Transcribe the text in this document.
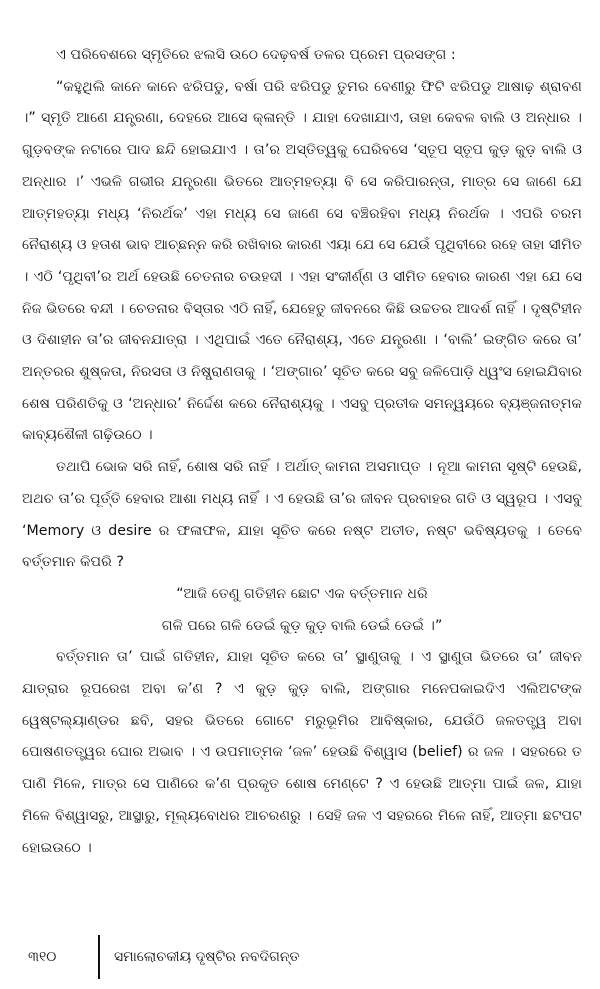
ଏ ପରିବେଶରେ ସ୍ମୃତିରେ ଝଲସି ଉଠେ ଦେଢ଼ବର୍ଷ ତଳର ପ୍ରେମ ପ୍ରସଙ୍ଗ :

“କହୁଥିଲି କାନେ କାନେ ଝରିପଡୁ, ବର୍ଷା ପରି ଝରିପଡୁ ତୁମର ବେଣୀରୁ ଫିଟି ଝରିପଡୁ ଆଷାଢ଼ ଶ୍ରାବଣ ।” ସ୍ମୃତି ଆଣେ ଯନ୍ତ୍ରଣା, ଦେହରେ ଆସେ କ୍ଳାନ୍ତି । ଯାହା ଦେଖାଯାଏ, ତାହା କେବଳ ବାଲି ଓ ଅନ୍ଧାର । ଗୁଡ଼ବଙ୍କ ନଟାରେ ପାଦ ଛନ୍ଦି ହୋଇଯାଏ । ତା’ର ଅସ୍ତିତ୍ୱକୁ ଘେରିବସେ ‘ସ୍ତୂପ ସ୍ତୂପ କୁଡ଼ କୁଡ଼ ବାଲି ଓ ଅନ୍ଧାର ।’ ଏଭଳି ଗଭୀର ଯନ୍ତ୍ରଣା ଭିତରେ ଆତ୍ମହତ୍ୟା ବି ସେ କରିପାରନ୍ତା, ମାତ୍ର ସେ ଜାଣେ ଯେ ଆତ୍ମହତ୍ୟା ମଧ୍ୟ ‘ନିରର୍ଥକ’ ଏହା ମଧ୍ୟ ସେ ଜାଣେ ସେ ବଞ୍ଚିରହିବା ମଧ୍ୟ ନିରର୍ଥକ । ଏପରି ଚରମ ନୈରାଶ୍ୟ ଓ ହତାଶ ଭାବ ଆଚ୍ଛନ୍ନ କରି ରଖିବାର କାରଣ ଏୟା ଯେ ସେ ଯେଉଁ ପୃଥିବୀରେ ରହେ ତାହା ସୀମିତ । ଏଠି ‘ପୃଥିବୀ’ର ଅର୍ଥ ହେଉଛି ଚେତନାର ଚଉହଦୀ । ଏହା ସଂକୀର୍ଣ୍ଣ ଓ ସୀମିତ ହେବାର କାରଣ ଏହା ଯେ ସେ ନିଜ ଭିତରେ ବନ୍ଦୀ । ଚେତନାର ବିସ୍ତାର ଏଠି ନାହିଁ, ଯେହେତୁ ଜୀବନରେ କିଛି ଉଚ୍ଚତର ଆଦର୍ଶ ନାହିଁ । ଦୃଷ୍ଟିହୀନ ଓ ଦିଶାହୀନ ତା’ର ଜୀବନଯାତ୍ରା । ଏଥିପାଇଁ ଏତେ ନୈରାଶ୍ୟ, ଏତେ ଯନ୍ତ୍ରଣା । ‘ବାଲି’ ଇଙ୍ଗିତ କରେ ତା’ ଅନ୍ତରର ଶୁଷ୍କତା, ନିରସତା ଓ ନିଷ୍ପ୍ରାଣତାକୁ । ‘ଅଙ୍ଗାର’ ସୂଚିତ କରେ ସବୁ ଜଳିପୋଡ଼ି ଧ୍ୱଂସ ହୋଇଯିବାର ଶେଷ ପରିଣତିକୁ ଓ ‘ଅନ୍ଧାର’ ନିର୍ଦ୍ଦେଶ କରେ ନୈରାଶ୍ୟକୁ । ଏସବୁ ପ୍ରତୀକ ସମନ୍ୱୟରେ ବ୍ୟଞ୍ଜନାତ୍ମକ କାବ୍ୟଶୈଳୀ ଗଢ଼ିଉଠେ ।

ତଥାପି ଭୋକ ସରି ନାହିଁ, ଶୋଷ ସରି ନାହିଁ । ଅର୍ଥାତ୍ କାମନା ଅସମାପ୍ତ । ନୂଆ କାମନା ସୃଷ୍ଟି ହେଉଛି, ଅଥଚ ତା’ର ପୂର୍ତ୍ତି ହେବାର ଆଶା ମଧ୍ୟ ନାହିଁ । ଏ ହେଉଛି ତା’ର ଜୀବନ ପ୍ରବାହର ଗତି ଓ ସ୍ୱରୂପ । ଏସବୁ ‘Memory ଓ desire ର ଫଳାଫଳ, ଯାହା ସୂଚିତ କରେ ନଷ୍ଟ ଅତୀତ, ନଷ୍ଟ ଭବିଷ୍ୟତକୁ । ତେବେ ବର୍ତ୍ତମାନ କିପରି ?

“ଆଜି ତେଣୁ ଗତିହୀନ ଛୋଟ ଏକ ବର୍ତ୍ତମାନ ଧରି

ଗଳି ପରେ ଗଳି ଡେଇଁ କୁଡ଼ କୁଡ଼ ବାଲି ଡେଇଁ ଡେଇଁ ।”

ବର୍ତ୍ତମାନ ତା’ ପାଇଁ ଗତିହୀନ, ଯାହା ସୂଚିତ କରେ ତା’ ସ୍ଥାଣୁତାକୁ । ଏ ସ୍ଥାଣୁତା ଭିତରେ ତା’ ଜୀବନ ଯାତ୍ରାର ରୂପରେଖ ଅବା କ’ଣ ? ଏ କୁଡ଼ କୁଡ଼ ବାଲି, ଅଙ୍ଗାର ମନେପକାଇଦିଏ ଏଲିଅଟଙ୍କ ୱେଷ୍ଟଲ୍ୟାଣ୍ଡର ଛବି, ସହର ଭିତରେ ଗୋଟେ ମରୁଭୂମିର ଆବିଷ୍କାର, ଯେଉଁଠି ଜଳତତ୍ତ୍ୱ ଅବା ପୋଷଣତତ୍ତ୍ୱର ଘୋର ଅଭାବ । ଏ ଉପମାତ୍ମକ ‘ଜଳ’ ହେଉଛି ବିଶ୍ୱାସ (belief) ର ଜଳ । ସହରରେ ତ ପାଣି ମିଳେ, ମାତ୍ର ସେ ପାଣିରେ କ’ଣ ପ୍ରକୃତ ଶୋଷ ମେଣ୍ଟେ ? ଏ ହେଉଛି ଆତ୍ମା ପାଇଁ ଜଳ, ଯାହା ମିଳେ ବିଶ୍ୱାସରୁ, ଆସ୍ଥାରୁ, ମୂଲ୍ୟବୋଧର ଆଚରଣରୁ । ସେହି ଜଳ ଏ ସହରରେ ମିଳେ ନାହିଁ, ଆତ୍ମା ଛଟପଟ ହୋଇଉଠେ ।

୩୧୦	ସମାଲୋଚକୀୟ ଦୃଷ୍ଟିର ନବଦିଗନ୍ତ
